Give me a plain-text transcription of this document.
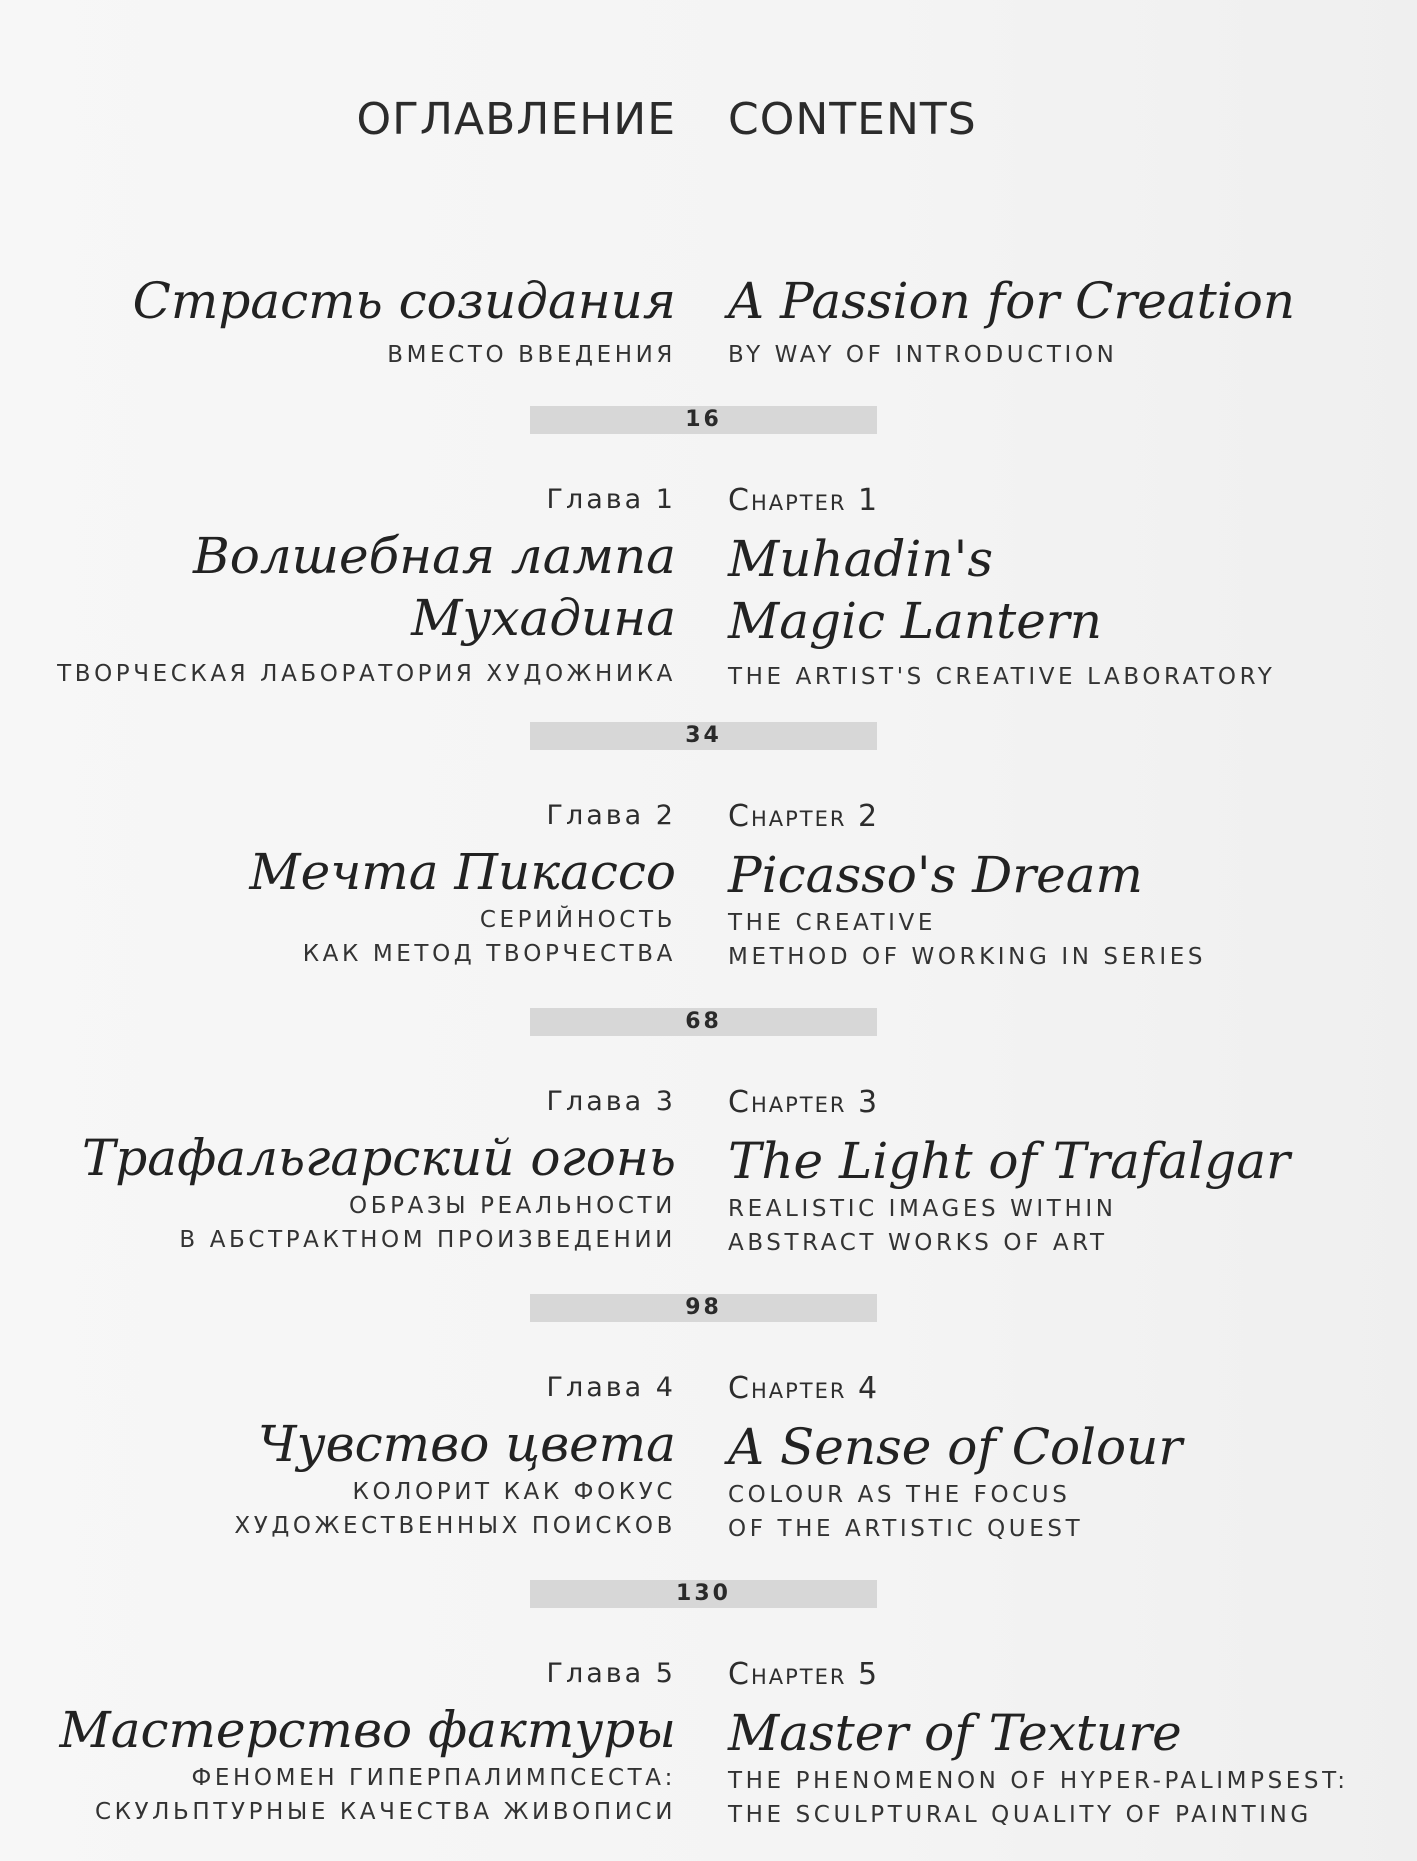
ОГЛАВЛЕНИЕ CONTENTS
Страсть созидания
ВМЕСТО ВВЕДЕНИЯ
A Passion for Creation
BY WAY OF INTRODUCTION
16
Глава 1
Волшебная лампа
Мухадина
ТВОРЧЕСКАЯ ЛАБОРАТОРИЯ ХУДОЖНИКА
Chapter 1
Muhadin's
Magic Lantern
THE ARTIST'S CREATIVE LABORATORY
34
Глава 2
Мечта Пикассо
СЕРИЙНОСТЬ
КАК МЕТОД ТВОРЧЕСТВА
Chapter 2
Picasso's Dream
THE CREATIVE
METHOD OF WORKING IN SERIES
68
Глава 3
Трафальгарский огонь
ОБРАЗЫ РЕАЛЬНОСТИ
В АБСТРАКТНОМ ПРОИЗВЕДЕНИИ
Chapter 3
The Light of Trafalgar
REALISTIC IMAGES WITHIN
ABSTRACT WORKS OF ART
98
Глава 4
Чувство цвета
КОЛОРИТ КАК ФОКУС
ХУДОЖЕСТВЕННЫХ ПОИСКОВ
Chapter 4
A Sense of Colour
COLOUR AS THE FOCUS
OF THE ARTISTIC QUEST
130
Глава 5
Мастерство фактуры
ФЕНОМЕН ГИПЕРПАЛИМПСЕСТА:
СКУЛЬПТУРНЫЕ КАЧЕСТВА ЖИВОПИСИ
Chapter 5
Master of Texture
THE PHENOMENON OF HYPER-PALIMPSEST:
THE SCULPTURAL QUALITY OF PAINTING
